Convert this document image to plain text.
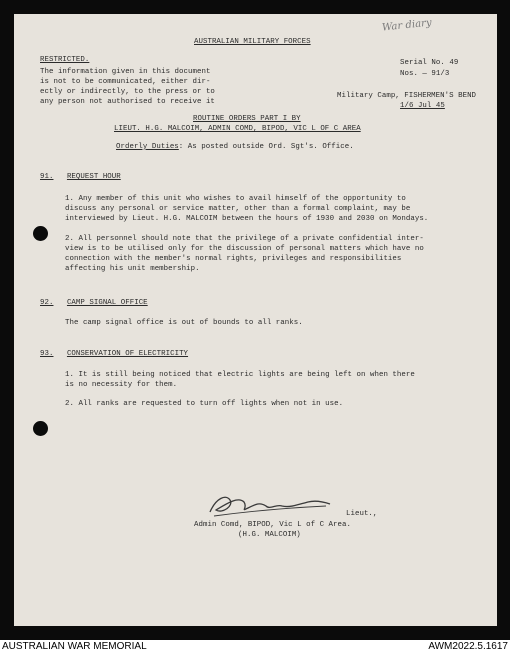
War diary
AUSTRALIAN MILITARY FORCES
RESTRICTED.
The information given in this document
is not to be communicated, either dir-
ectly or indirectly, to the press or to
any person not authorised to receive it
Serial No. 49
Nos. — 91/3
Military Camp, FISHERMEN'S BEND
1/6 Jul 45
ROUTINE ORDERS PART I BY
LIEUT. H.G. MALCOIM, ADMIN COMD, BIPOD, VIC L OF C AREA
Orderly Duties: As posted outside Ord. Sgt's. Office.
91. REQUEST HOUR
1. Any member of this unit who wishes to avail himself of the opportunity to
discuss any personal or service matter, other than a formal complaint, may be
interviewed by Lieut. H.G. MALCOIM between the hours of 1930 and 2030 on Mondays.
2. All personnel should note that the privilege of a private confidential inter-
view is to be utilised only for the discussion of personal matters which have no
connection with the member's normal rights, privileges and responsibilities
affecting his unit membership.
92. CAMP SIGNAL OFFICE
The camp signal office is out of bounds to all ranks.
93. CONSERVATION OF ELECTRICITY
1. It is still being noticed that electric lights are being left on when there
is no necessity for them.
2. All ranks are requested to turn off lights when not in use.
Lieut.,
Admin Comd, BIPOD, Vic L of C Area.
(H.G. MALCOIM)
AUSTRALIAN WAR MEMORIAL	AWM2022.5.1617
